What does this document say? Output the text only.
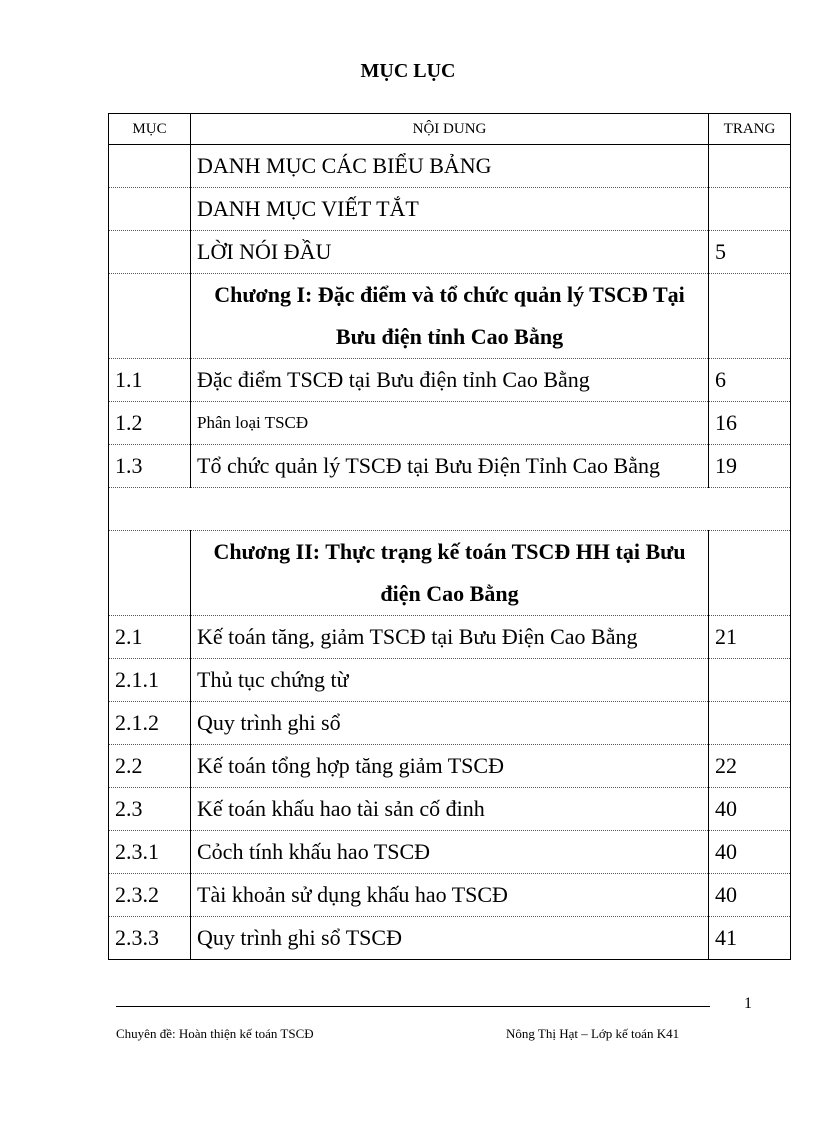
MỤC LỤC
MỤC	NỘI DUNG	TRANG
	DANH MỤC CÁC BIỂU BẢNG	
	DANH MỤC VIẾT TẮT	
	LỜI NÓI ĐẦU	5
	Chương I: Đặc điểm và tổ chức quản lý TSCĐ Tại Bưu điện tỉnh Cao Bằng	
1.1	Đặc điểm TSCĐ tại Bưu điện tỉnh Cao Bằng	6
1.2	Phân loại TSCĐ	16
1.3	Tổ chức quản lý TSCĐ tại Bưu Điện Tỉnh Cao Bằng	19

	Chương II: Thực trạng kế toán TSCĐ HH tại Bưu điện Cao Bằng	
2.1	Kế toán tăng, giảm TSCĐ tại Bưu Điện Cao Bằng	21
2.1.1	Thủ tục chứng từ	
2.1.2	Quy trình ghi sổ	
2.2	Kế toán tổng hợp tăng giảm TSCĐ	22
2.3	Kế toán khấu hao tài sản cố đinh	40
2.3.1	Cỏch tính khấu hao TSCĐ	40
2.3.2	Tài khoản sử dụng khấu hao TSCĐ	40
2.3.3	Quy trình ghi sổ TSCĐ	41
1
Chuyên đề: Hoàn thiện kế toán TSCĐ	Nông Thị Hạt – Lớp kế toán K41
